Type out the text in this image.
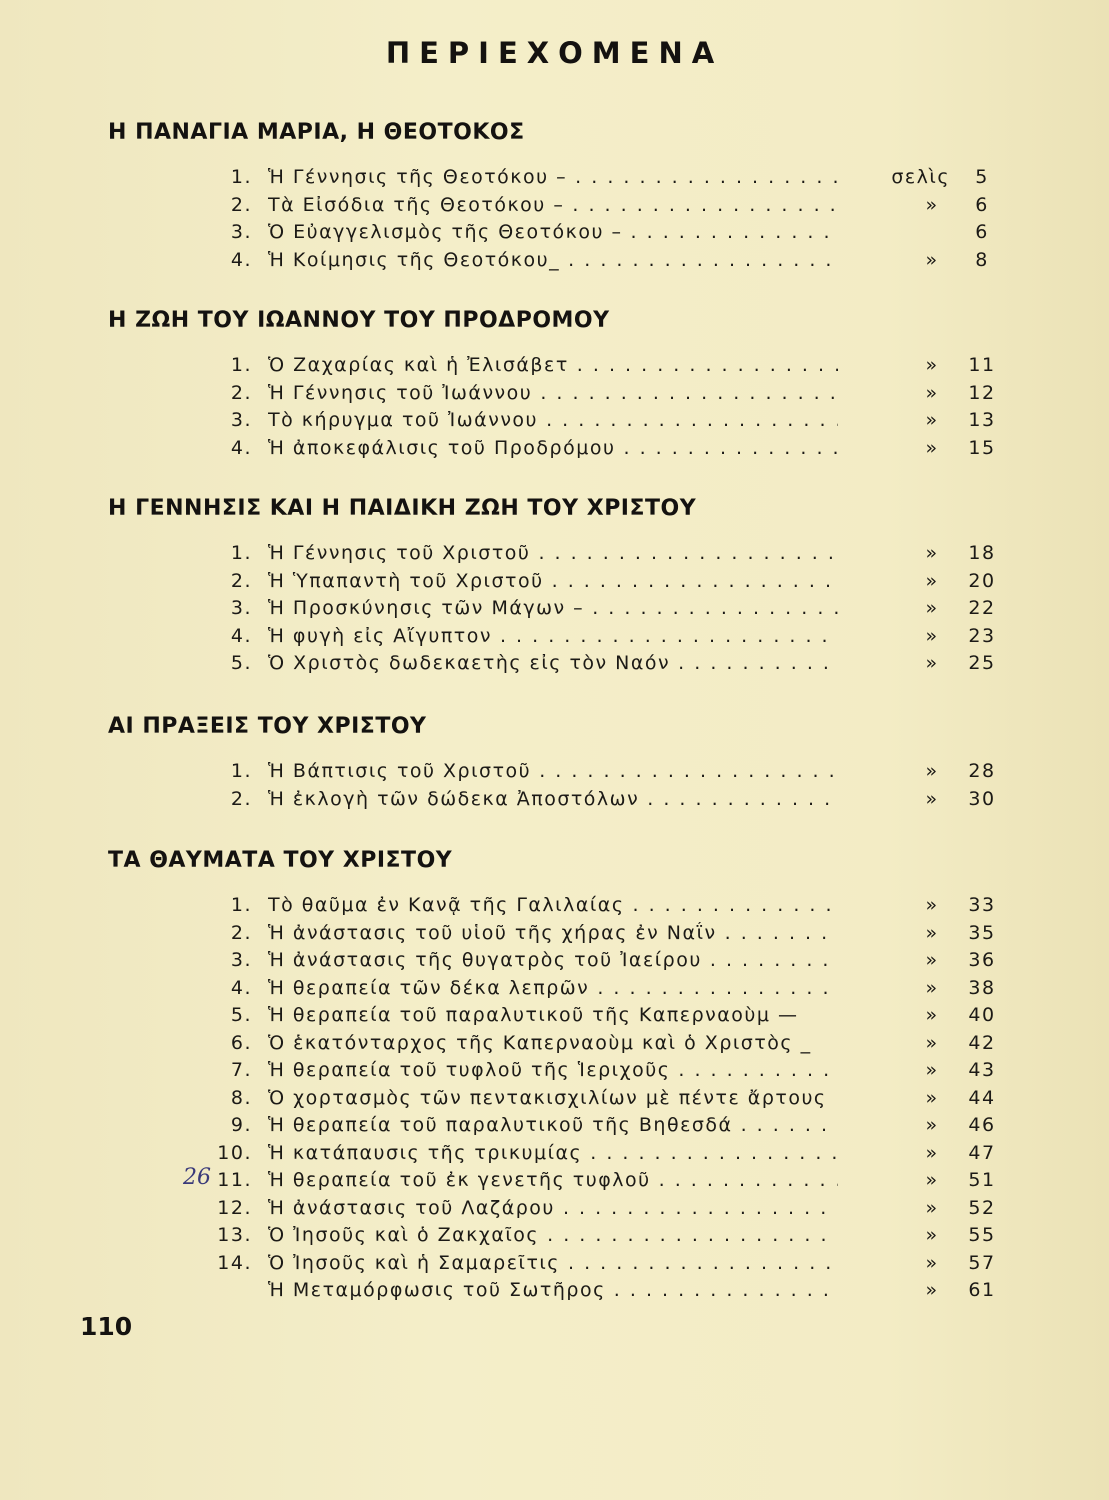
ΠΕΡΙΕΧΟΜΕΝΑ
Η ΠΑΝΑΓΙΑ ΜΑΡΙΑ, Η ΘΕΟΤΟΚΟΣ
1. Ἡ Γέννησις τῆς Θεοτόκου – . . .	σελὶς	5
2. Τὰ Εἰσόδια τῆς Θεοτόκου – . . .	»	6
3. Ὁ Εὐαγγελισμὸς τῆς Θεοτόκου – . . .	6
4. Ἡ Κοίμησις τῆς Θεοτόκου_ . . .	»	8
Η ΖΩΗ ΤΟΥ ΙΩΑΝΝΟΥ ΤΟΥ ΠΡΟΔΡΟΜΟΥ
1. Ὁ Ζαχαρίας καὶ ἡ Ἐλισάβετ . . .	»	11
2. Ἡ Γέννησις τοῦ Ἰωάννου . . .	»	12
3. Τὸ κήρυγμα τοῦ Ἰωάννου . . .	»	13
4. Ἡ ἀποκεφάλισις τοῦ Προδρόμου . . .	»	15
Η ΓΕΝΝΗΣΙΣ ΚΑΙ Η ΠΑΙΔΙΚΗ ΖΩΗ ΤΟΥ ΧΡΙΣΤΟΥ
1. Ἡ Γέννησις τοῦ Χριστοῦ . . .	»	18
2. Ἡ Ὑπαπαντὴ τοῦ Χριστοῦ . . .	»	20
3. Ἡ Προσκύνησις τῶν Μάγων – . . .	»	22
4. Ἡ φυγὴ εἰς Αἴγυπτον . . .	»	23
5. Ὁ Χριστὸς δωδεκαετὴς εἰς τὸν Ναόν . . .	»	25
ΑΙ ΠΡΑΞΕΙΣ ΤΟΥ ΧΡΙΣΤΟΥ
1. Ἡ Βάπτισις τοῦ Χριστοῦ . . .	»	28
2. Ἡ ἐκλογὴ τῶν δώδεκα Ἀποστόλων . . .	»	30
ΤΑ ΘΑΥΜΑΤΑ ΤΟΥ ΧΡΙΣΤΟΥ
1. Τὸ θαῦμα ἐν Κανᾷ τῆς Γαλιλαίας . . .	»	33
2. Ἡ ἀνάστασις τοῦ υἱοῦ τῆς χήρας ἐν Ναΐν . . .	»	35
3. Ἡ ἀνάστασις τῆς θυγατρὸς τοῦ Ἰαείρου . . .	»	36
4. Ἡ θεραπεία τῶν δέκα λεπρῶν . . .	»	38
5. Ἡ θεραπεία τοῦ παραλυτικοῦ τῆς Καπερναοὺμ —	»	40
6. Ὁ ἑκατόνταρχος τῆς Καπερναοὺμ καὶ ὁ Χριστὸς _	»	42
7. Ἡ θεραπεία τοῦ τυφλοῦ τῆς Ἱεριχοῦς . . .	»	43
8. Ὁ χορτασμὸς τῶν πεντακισχιλίων μὲ πέντε ἄρτους	»	44
9. Ἡ θεραπεία τοῦ παραλυτικοῦ τῆς Βηθεσδά . . .	»	46
10. Ἡ κατάπαυσις τῆς τρικυμίας . . .	»	47
11. Ἡ θεραπεία τοῦ ἐκ γενετῆς τυφλοῦ . . .	»	51
12. Ἡ ἀνάστασις τοῦ Λαζάρου . . .	»	52
13. Ὁ Ἰησοῦς καὶ ὁ Ζακχαῖος . . .	»	55
14. Ὁ Ἰησοῦς καὶ ἡ Σαμαρεῖτις . . .	»	57
Ἡ Μεταμόρφωσις τοῦ Σωτῆρος . . .	»	61
26
110
